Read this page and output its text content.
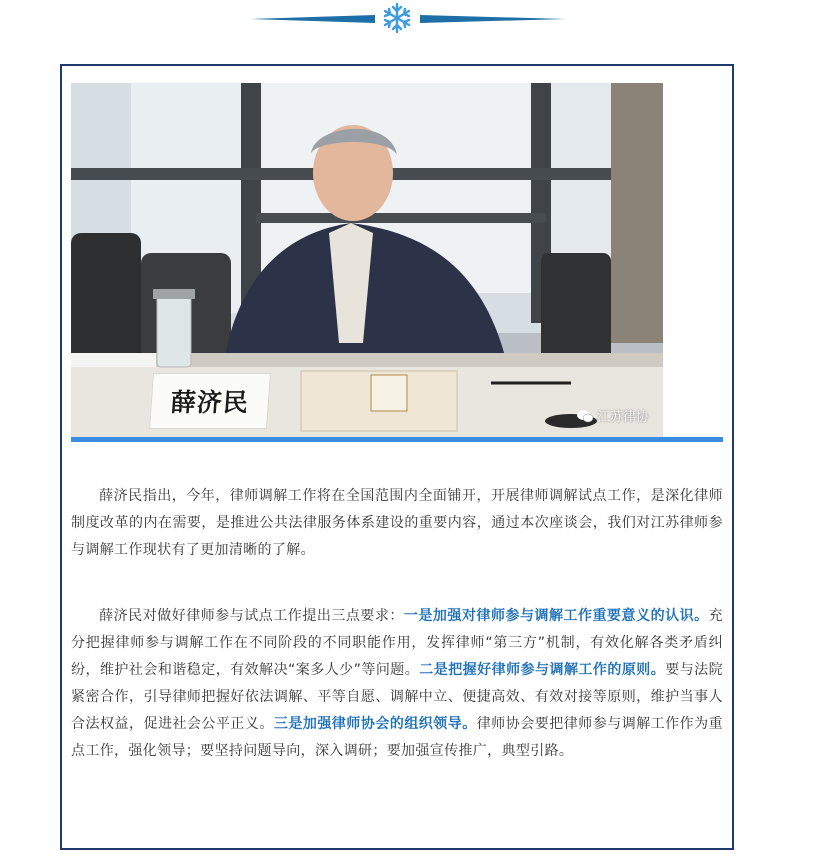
薛济民
江苏律协

薛济民指出，今年，律师调解工作将在全国范围内全面铺开，开展律师调解试点工作，是深化律师制度改革的内在需要，是推进公共法律服务体系建设的重要内容，通过本次座谈会，我们对江苏律师参与调解工作现状有了更加清晰的了解。

薛济民对做好律师参与试点工作提出三点要求：一是加强对律师参与调解工作重要意义的认识。充分把握律师参与调解工作在不同阶段的不同职能作用，发挥律师“第三方”机制，有效化解各类矛盾纠纷，维护社会和谐稳定，有效解决“案多人少”等问题。二是把握好律师参与调解工作的原则。要与法院紧密合作，引导律师把握好依法调解、平等自愿、调解中立、便捷高效、有效对接等原则，维护当事人合法权益，促进社会公平正义。三是加强律师协会的组织领导。律师协会要把律师参与调解工作作为重点工作，强化领导；要坚持问题导向，深入调研；要加强宣传推广，典型引路。
